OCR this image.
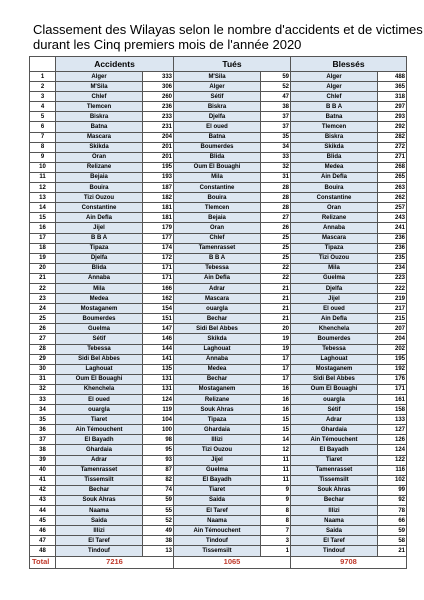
Classement des Wilayas selon le nombre d'accidents et de victimes
durant les Cinq premiers mois de l'année 2020
	Accidents		Tués		Blessés	
1	Alger	333	M'Sila	59	Alger	488
2	M'Sila	306	Alger	52	Alger	365
3	Chlef	260	Sétif	47	Chlef	318
4	Tlemcen	236	Biskra	38	B B A	297
5	Biskra	233	Djelfa	37	Batna	293
6	Batna	231	El oued	37	Tlemcen	292
7	Mascara	204	Batna	35	Biskra	282
8	Skikda	201	Boumerdes	34	Skikda	272
9	Oran	201	Blida	33	Blida	271
10	Relizane	195	Oum El Bouaghi	32	Medea	268
11	Bejaia	193	Mila	31	Ain Defla	265
12	Bouira	187	Constantine	28	Bouira	263
13	Tizi Ouzou	182	Bouira	28	Constantine	262
14	Constantine	181	Tlemcen	28	Oran	257
15	Ain Defla	181	Bejaia	27	Relizane	243
16	Jijel	179	Oran	26	Annaba	241
17	B B A	177	Chlef	25	Mascara	236
18	Tipaza	174	Tamenrasset	25	Tipaza	236
19	Djelfa	172	B B A	25	Tizi Ouzou	235
20	Blida	171	Tebessa	22	Mila	234
21	Annaba	171	Ain Defla	22	Guelma	223
22	Mila	166	Adrar	21	Djelfa	222
23	Medea	162	Mascara	21	Jijel	219
24	Mostaganem	154	ouargla	21	El oued	217
25	Boumerdes	151	Bechar	21	Ain Defla	215
26	Guelma	147	Sidi Bel Abbes	20	Khenchela	207
27	Sétif	146	Skikda	19	Boumerdes	204
28	Tebessa	144	Laghouat	19	Tebessa	202
29	Sidi Bel Abbes	141	Annaba	17	Laghouat	195
30	Laghouat	135	Medea	17	Mostaganem	192
31	Oum El Bouaghi	131	Bechar	17	Sidi Bel Abbes	176
32	Khenchela	131	Mostaganem	16	Oum El Bouaghi	171
33	El oued	124	Relizane	16	ouargla	161
34	ouargla	119	Souk Ahras	16	Sétif	158
35	Tiaret	104	Tipaza	15	Adrar	133
36	Ain Témouchent	100	Ghardaia	15	Ghardaia	127
37	El Bayadh	98	Illizi	14	Ain Témouchent	126
38	Ghardaia	95	Tizi Ouzou	12	El Bayadh	124
39	Adrar	93	Jijel	11	Tiaret	122
40	Tamenrasset	87	Guelma	11	Tamenrasset	116
41	Tissemsilt	82	El Bayadh	11	Tissemsilt	102
42	Bechar	74	Tiaret	9	Souk Ahras	99
43	Souk Ahras	59	Saida	9	Bechar	92
44	Naama	55	El Taref	8	Illizi	78
45	Saida	52	Naama	8	Naama	66
46	Illizi	49	Ain Témouchent	7	Saida	59
47	El Taref	38	Tindouf	3	El Taref	58
48	Tindouf	13	Tissemsilt	1	Tindouf	21
Total	7216		1065		9708	
